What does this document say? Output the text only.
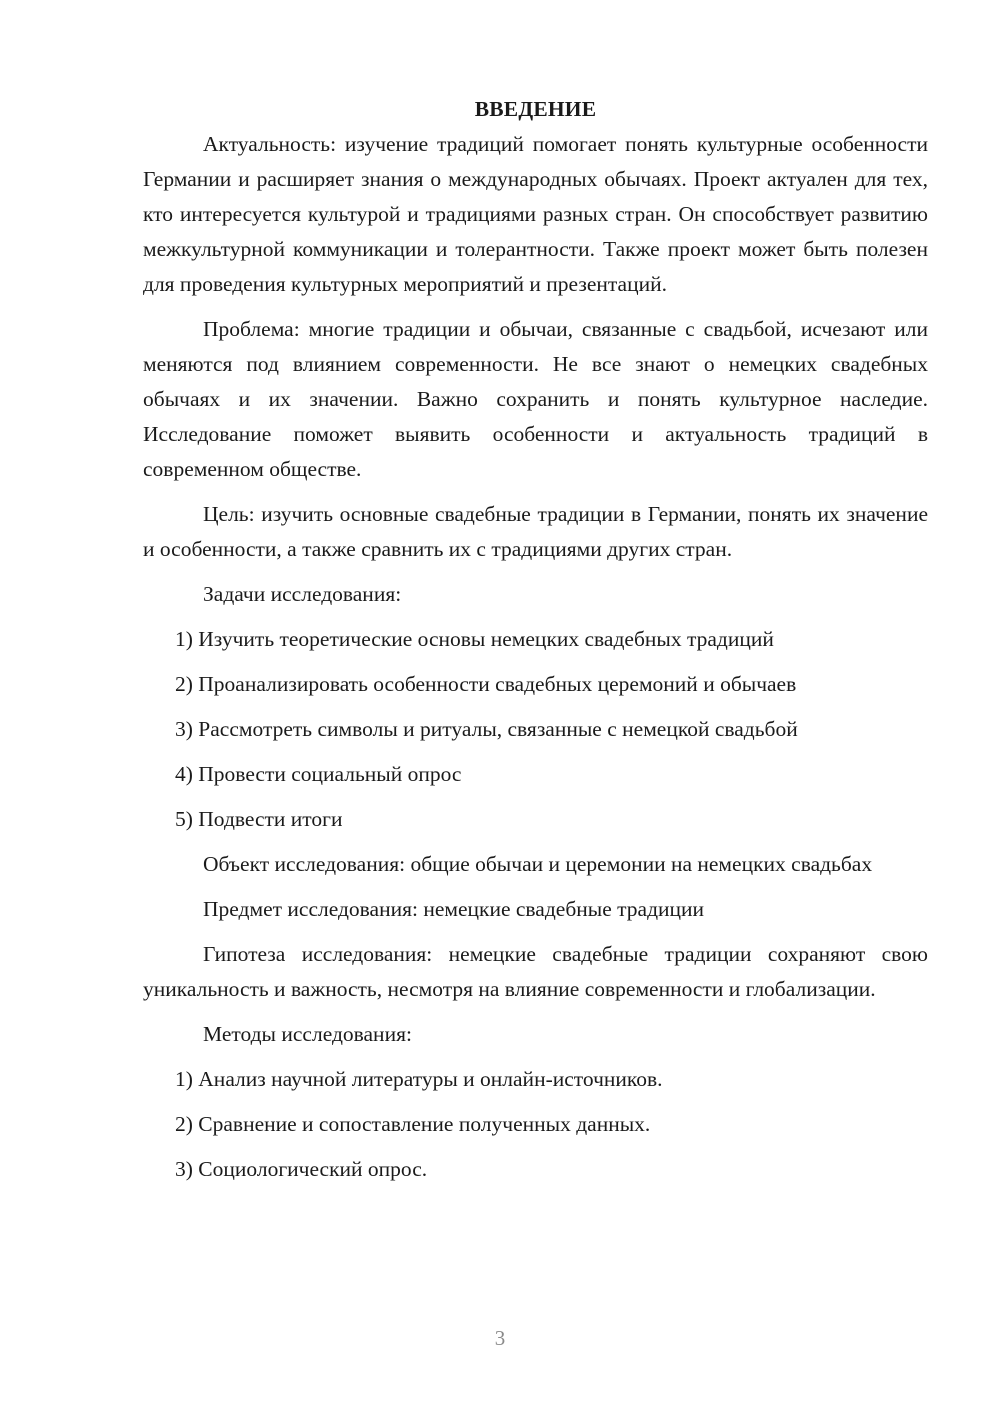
ВВЕДЕНИЕ

Актуальность: изучение традиций помогает понять культурные особенности Германии и расширяет знания о международных обычаях. Проект актуален для тех, кто интересуется культурой и традициями разных стран. Он способствует развитию межкультурной коммуникации и толерантности. Также проект может быть полезен для проведения культурных мероприятий и презентаций.

Проблема: многие традиции и обычаи, связанные с свадьбой, исчезают или меняются под влиянием современности. Не все знают о немецких свадебных обычаях и их значении. Важно сохранить и понять культурное наследие. Исследование поможет выявить особенности и актуальность традиций в современном обществе.

Цель: изучить основные свадебные традиции в Германии, понять их значение и особенности, а также сравнить их с традициями других стран.

Задачи исследования:

1) Изучить теоретические основы немецких свадебных традиций
2) Проанализировать особенности свадебных церемоний и обычаев
3) Рассмотреть символы и ритуалы, связанные с немецкой свадьбой
4) Провести социальный опрос
5) Подвести итоги

Объект исследования: общие обычаи и церемонии на немецких свадьбах

Предмет исследования: немецкие свадебные традиции

Гипотеза исследования: немецкие свадебные традиции сохраняют свою уникальность и важность, несмотря на влияние современности и глобализации.

Методы исследования:

1) Анализ научной литературы и онлайн-источников.
2) Сравнение и сопоставление полученных данных.
3) Социологический опрос.
3
